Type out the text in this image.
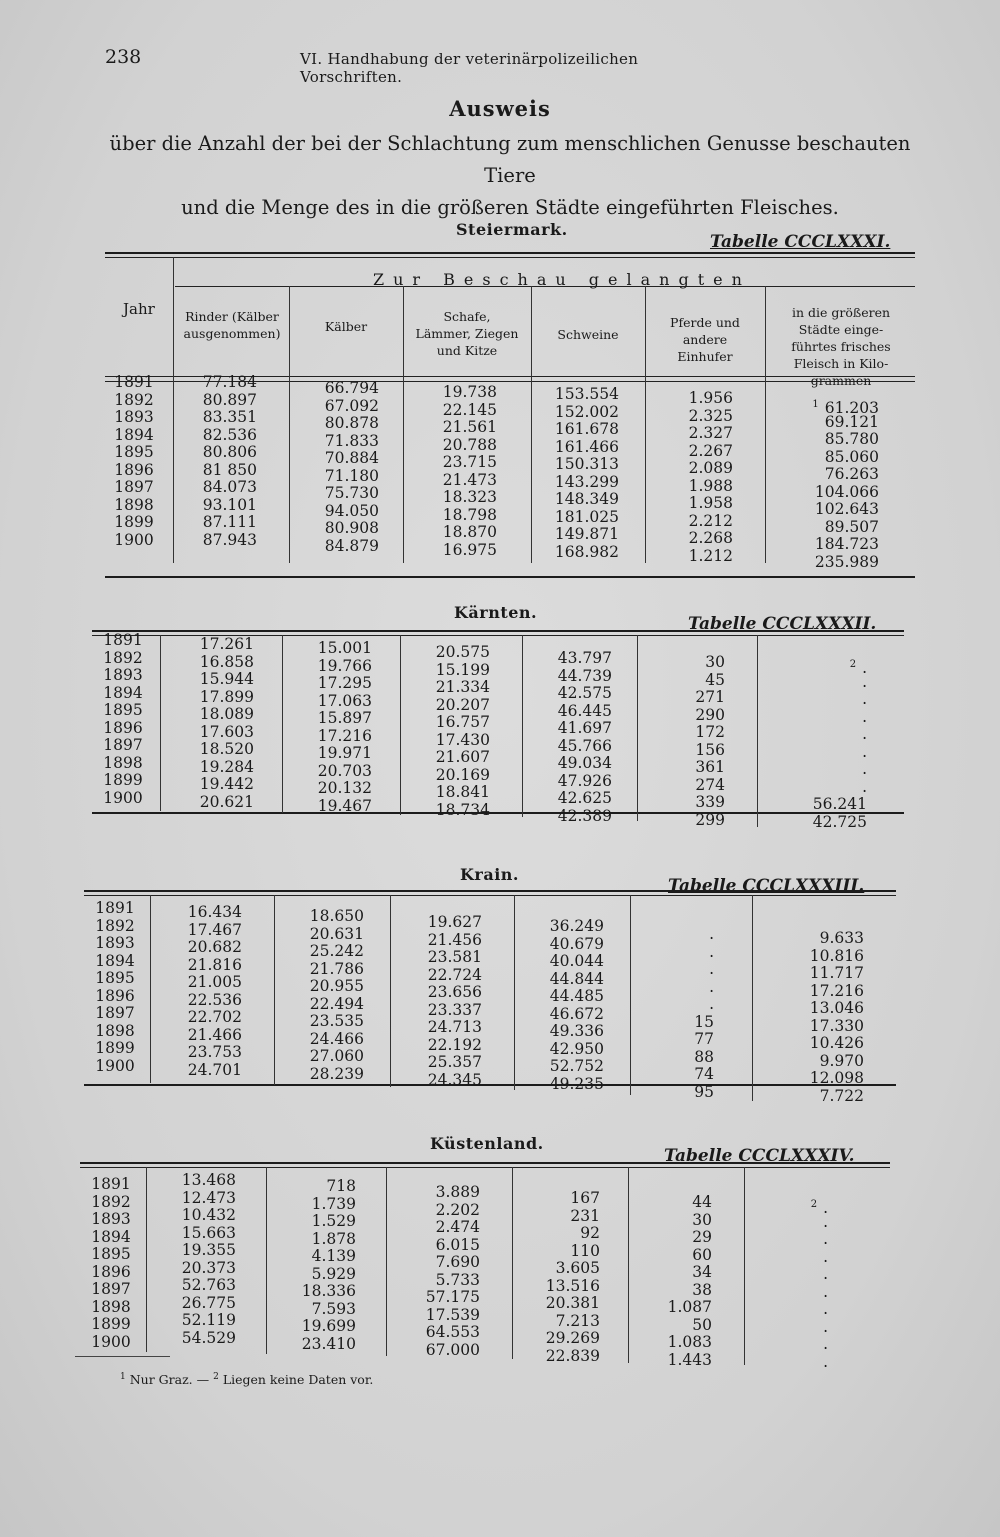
238	VI. Handhabung der veterinärpolizeilichen Vorschriften.
Ausweis
über die Anzahl der bei der Schlachtung zum menschlichen Genusse beschauten Tiere
und die Menge des in die größeren Städte eingeführten Fleisches.
Steiermark.
Tabelle CCCLXXXI.
Jahr
Zur Beschau gelangten
Rinder (Kälber
ausgenommen)	Kälber
Schafe,
Lämmer, Ziegen
und Kitze
Schweine
Pferde und
andere
Einhufer
in die größeren
Städte einge-
führtes frisches
Fleisch in Kilo-
grammen
1891
1892
1893
1894
1895
1896
1897
1898
1899
1900
77.184
80.897
83.351
82.536
80.806
81 850
84.073
93.101
87.111
87.943
66.794
67.092
80.878
71.833
70.884
71.180
75.730
94.050
80.908
84.879
19.738
22.145
21.561
20.788
23.715
21.473
18.323
18.798
18.870
16.975
153.554
152.002
161.678
161.466
150.313
143.299
148.349
181.025
149.871
168.982
1.956
2.325
2.327
2.267
2.089
1.988
1.958
2.212
2.268
1.212
$^1$ 61.203
69.121
85.780
85.060
76.263
104.066
102.643
89.507
184.723
235.989
Kärnten.
Tabelle CCCLXXXII.
1891
1892
1893
1894
1895
1896
1897
1898
1899
1900
17.261
16.858
15.944
17.899
18.089
17.603
18.520
19.284
19.442
20.621
15.001
19.766
17.295
17.063
15.897
17.216
19.971
20.703
20.132
19.467
20.575
15.199
21.334
20.207
16.757
17.430
21.607
20.169
18.841
18.734
43.797
44.739
42.575
46.445
41.697
45.766
49.034
47.926
42.625
42.389
30
45
271
290
172
156
361
274
339
299
$^2$ .
.
.
.
.
.
.
.
56.241
42.725
Krain.
Tabelle CCCLXXXIII.
1891
1892
1893
1894
1895
1896
1897
1898
1899
1900
16.434
17.467
20.682
21.816
21.005
22.536
22.702
21.466
23.753
24.701
18.650
20.631
25.242
21.786
20.955
22.494
23.535
24.466
27.060
28.239
19.627
21.456
23.581
22.724
23.656
23.337
24.713
22.192
25.357
24.345
36.249
40.679
40.044
44.844
44.485
46.672
49.336
42.950
52.752
49.235
.
.
.
.
.
15
77
88
74
95
9.633
10.816
11.717
17.216
13.046
17.330
10.426
9.970
12.098
7.722
Küstenland.
Tabelle CCCLXXXIV.
1891
1892
1893
1894
1895
1896
1897
1898
1899
1900
13.468
12.473
10.432
15.663
19.355
20.373
52.763
26.775
52.119
54.529
718
1.739
1.529
1.878
4.139
5.929
18.336
7.593
19.699
23.410
3.889
2.202
2.474
6.015
7.690
5.733
57.175
17.539
64.553
67.000
167
231
92
110
3.605
13.516
20.381
7.213
29.269
22.839
44
30
29
60
34
38
1.087
50
1.083
1.443
$^2$ .
.
.
.
.
.
.
.
.
.
$^1$ Nur Graz. — $^2$ Liegen keine Daten vor.
